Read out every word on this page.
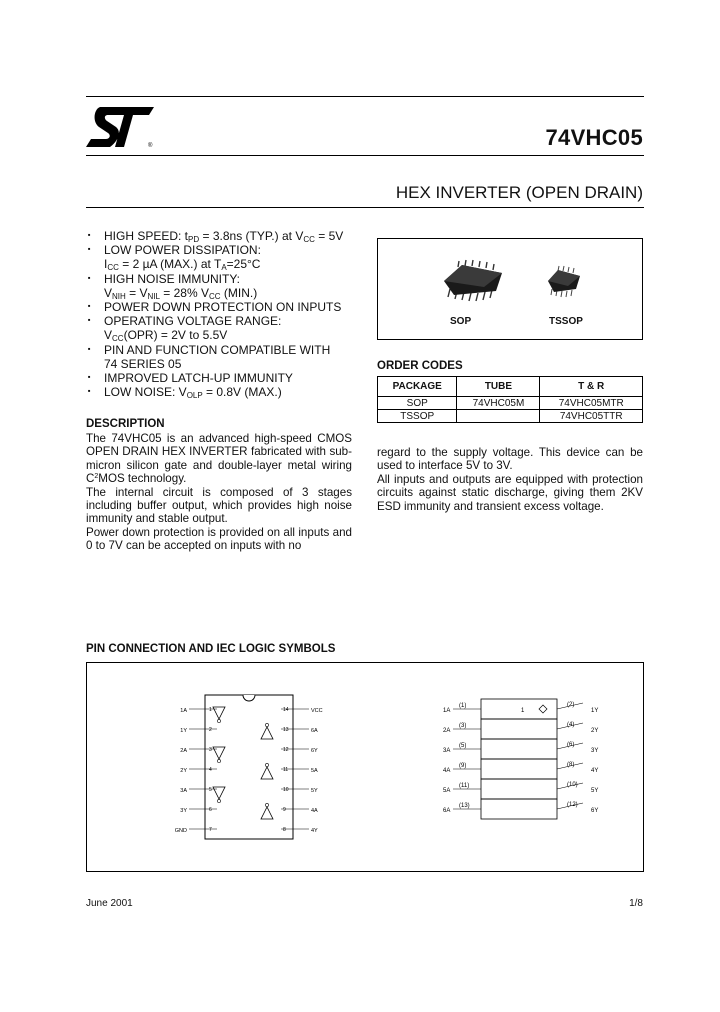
®	74VHC05
HEX INVERTER (OPEN DRAIN)
■ HIGH SPEED: $t_{PD} = 3.8ns$ (TYP.) at $V_{CC} = 5V$
■ LOW POWER DISSIPATION:
$I_{CC} = 2$ µA (MAX.) at $T_A=25^\circ C$
■ HIGH NOISE IMMUNITY:
$V_{NIH} = V_{NIL} = 28\%$ $V_{CC}$ (MIN.)
■ POWER DOWN PROTECTION ON INPUTS
■ OPERATING VOLTAGE RANGE:
$V_{CC}(OPR) = 2V$ to 5.5V
■ PIN AND FUNCTION COMPATIBLE WITH
74 SERIES 05
■ IMPROVED LATCH-UP IMMUNITY
■ LOW NOISE: $V_{OLP} = 0.8V$ (MAX.)
DESCRIPTION

The 74VHC05 is an advanced high-speed CMOS OPEN DRAIN HEX INVERTER fabricated with sub-micron silicon gate and double-layer metal wiring $C^2MOS$ technology.

The internal circuit is composed of 3 stages including buffer output, which provides high noise immunity and stable output.

Power down protection is provided on all inputs and 0 to 7V can be accepted on inputs with no

regard to the supply voltage. This device can be used to interface 5V to 3V.

All inputs and outputs are equipped with protection circuits against static discharge, giving them 2KV ESD immunity and transient excess voltage.

SOP	TSSOP
ORDER CODES
PACKAGE	TUBE	T & R
SOP	74VHC05M	74VHC05MTR
TSSOP		74VHC05TTR
PIN CONNECTION AND IEC LOGIC SYMBOLS
1A	1
1Y	2
2A	3
2Y	4
3A	5
3Y	6
GND	7
VCC
14
6A
13
6Y
12
5A
11
5Y
10
4A
9
4Y
8
1A
(1)	(2)
1Y
2A
(3)	(4)
2Y
3A
(5)	(6)
3Y
4A
(9)	(8)
4Y
5A
(11)	(10)
5Y
6A
(13)	(12)
6Y
1
June 2001	1/8
